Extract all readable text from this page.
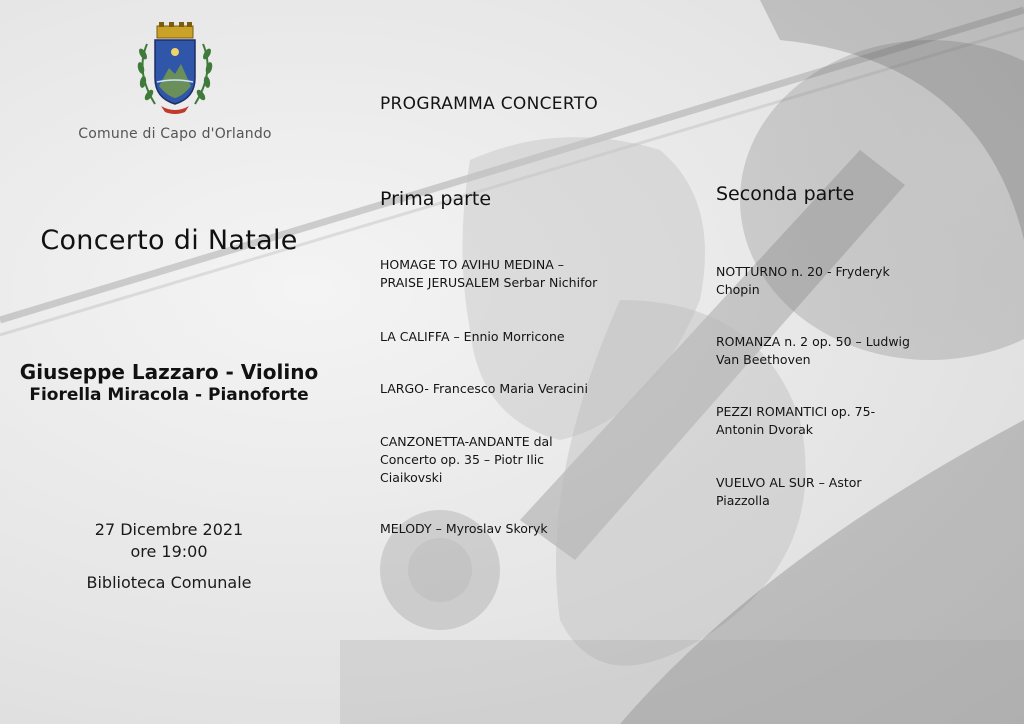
Comune di Capo d'Orlando
Concerto di Natale
Giuseppe Lazzaro - Violino
Fiorella Miracola - Pianoforte
27 Dicembre 2021
ore 19:00
Biblioteca Comunale
PROGRAMMA CONCERTO
Prima parte
HOMAGE TO AVIHU MEDINA –
PRAISE JERUSALEM Serbar Nichifor
LA CALIFFA – Ennio Morricone
LARGO- Francesco Maria Veracini
CANZONETTA-ANDANTE dal
Concerto op. 35 – Piotr Ilic
Ciaikovski
MELODY – Myroslav Skoryk
Seconda parte
NOTTURNO n. 20 - Fryderyk
Chopin
ROMANZA n. 2 op. 50 – Ludwig
Van Beethoven
PEZZI ROMANTICI op. 75-
Antonin Dvorak
VUELVO AL SUR – Astor
Piazzolla
